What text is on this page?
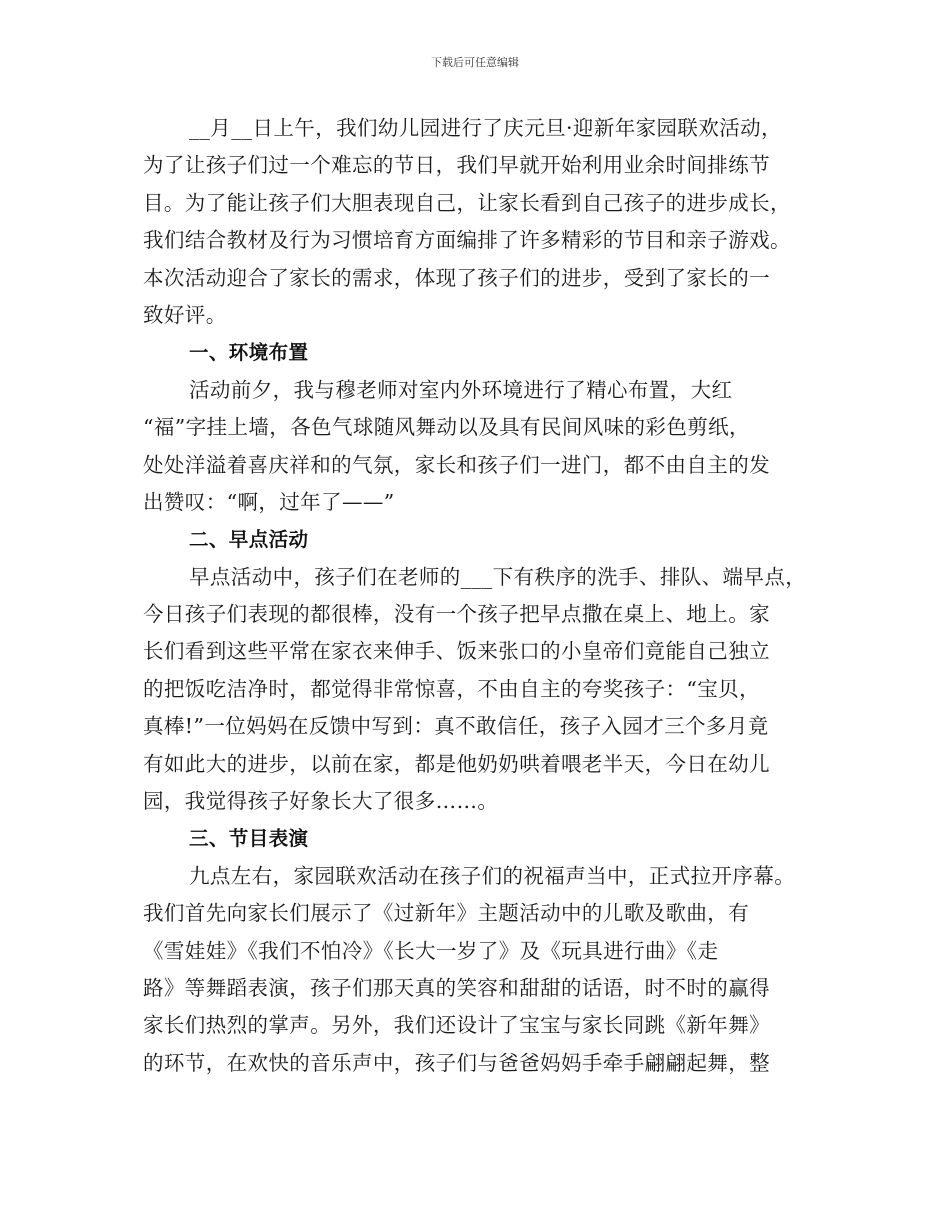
下载后可任意编辑
__月__日上午，我们幼儿园进行了庆元旦·迎新年家园联欢活动，
为了让孩子们过一个难忘的节日，我们早就开始利用业余时间排练节
目。为了能让孩子们大胆表现自己，让家长看到自己孩子的进步成长，
我们结合教材及行为习惯培育方面编排了许多精彩的节目和亲子游戏。
本次活动迎合了家长的需求，体现了孩子们的进步，受到了家长的一
致好评。
一、环境布置
活动前夕，我与穆老师对室内外环境进行了精心布置，大红
“福”字挂上墙，各色气球随风舞动以及具有民间风味的彩色剪纸，
处处洋溢着喜庆祥和的气氛，家长和孩子们一进门，都不由自主的发
出赞叹：“啊，过年了——”
二、早点活动
早点活动中，孩子们在老师的___下有秩序的洗手、排队、端早点，
今日孩子们表现的都很棒，没有一个孩子把早点撒在桌上、地上。家
长们看到这些平常在家衣来伸手、饭来张口的小皇帝们竟能自己独立
的把饭吃洁净时，都觉得非常惊喜，不由自主的夸奖孩子：“宝贝，
真棒!”一位妈妈在反馈中写到：真不敢信任，孩子入园才三个多月竟
有如此大的进步，以前在家，都是他奶奶哄着喂老半天，今日在幼儿
园，我觉得孩子好象长大了很多……。
三、节目表演
九点左右，家园联欢活动在孩子们的祝福声当中，正式拉开序幕。
我们首先向家长们展示了《过新年》主题活动中的儿歌及歌曲，有
《雪娃娃》《我们不怕冷》《长大一岁了》及《玩具进行曲》《走
路》等舞蹈表演，孩子们那天真的笑容和甜甜的话语，时不时的赢得
家长们热烈的掌声。另外，我们还设计了宝宝与家长同跳《新年舞》
的环节，在欢快的音乐声中，孩子们与爸爸妈妈手牵手翩翩起舞，整
